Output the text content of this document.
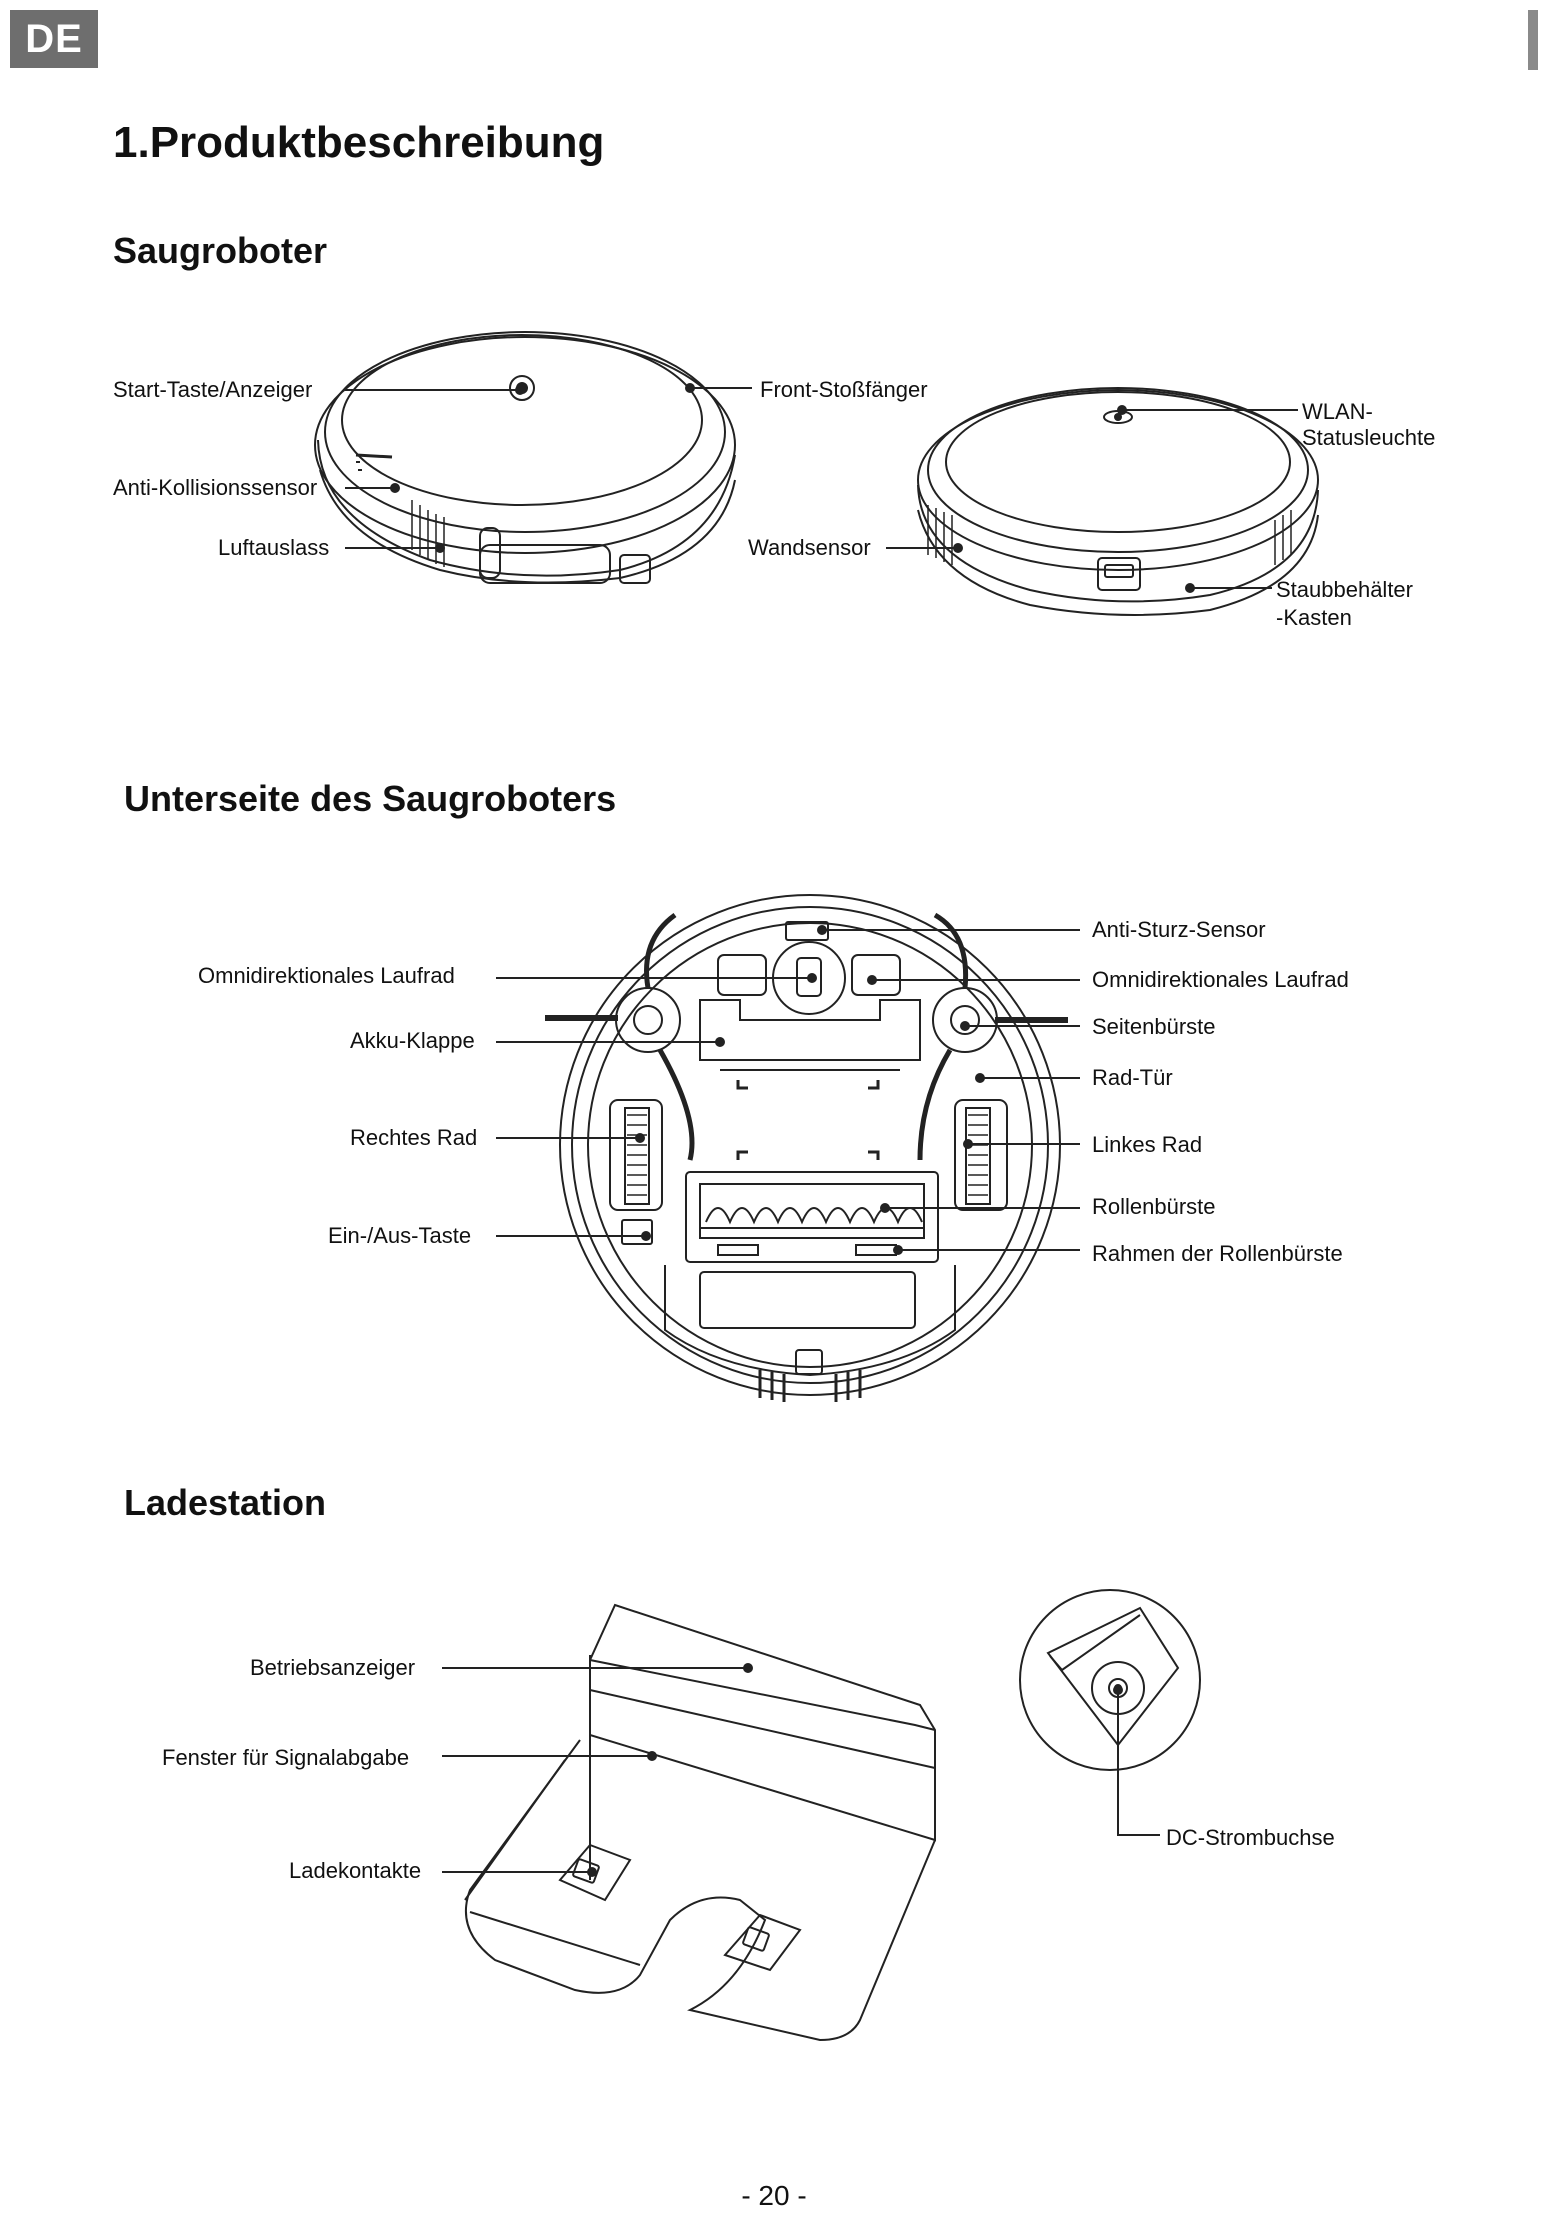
DE
1.Produktbeschreibung
Saugroboter
Start-Taste/Anzeiger
Anti-Kollisionssensor
Luftauslass
Front-Stoßfänger
Wandsensor
WLAN-
Statusleuchte
Staubbehälter
-Kasten
Unterseite des Saugroboters
Omnidirektionales Laufrad
Akku-Klappe
Rechtes Rad
Ein-/Aus-Taste
Anti-Sturz-Sensor
Omnidirektionales Laufrad
Seitenbürste
Rad-Tür
Linkes Rad
Rollenbürste
Rahmen der Rollenbürste
Ladestation
Betriebsanzeiger
Fenster für Signalabgabe
Ladekontakte
DC-Strombuchse
- 20 -
